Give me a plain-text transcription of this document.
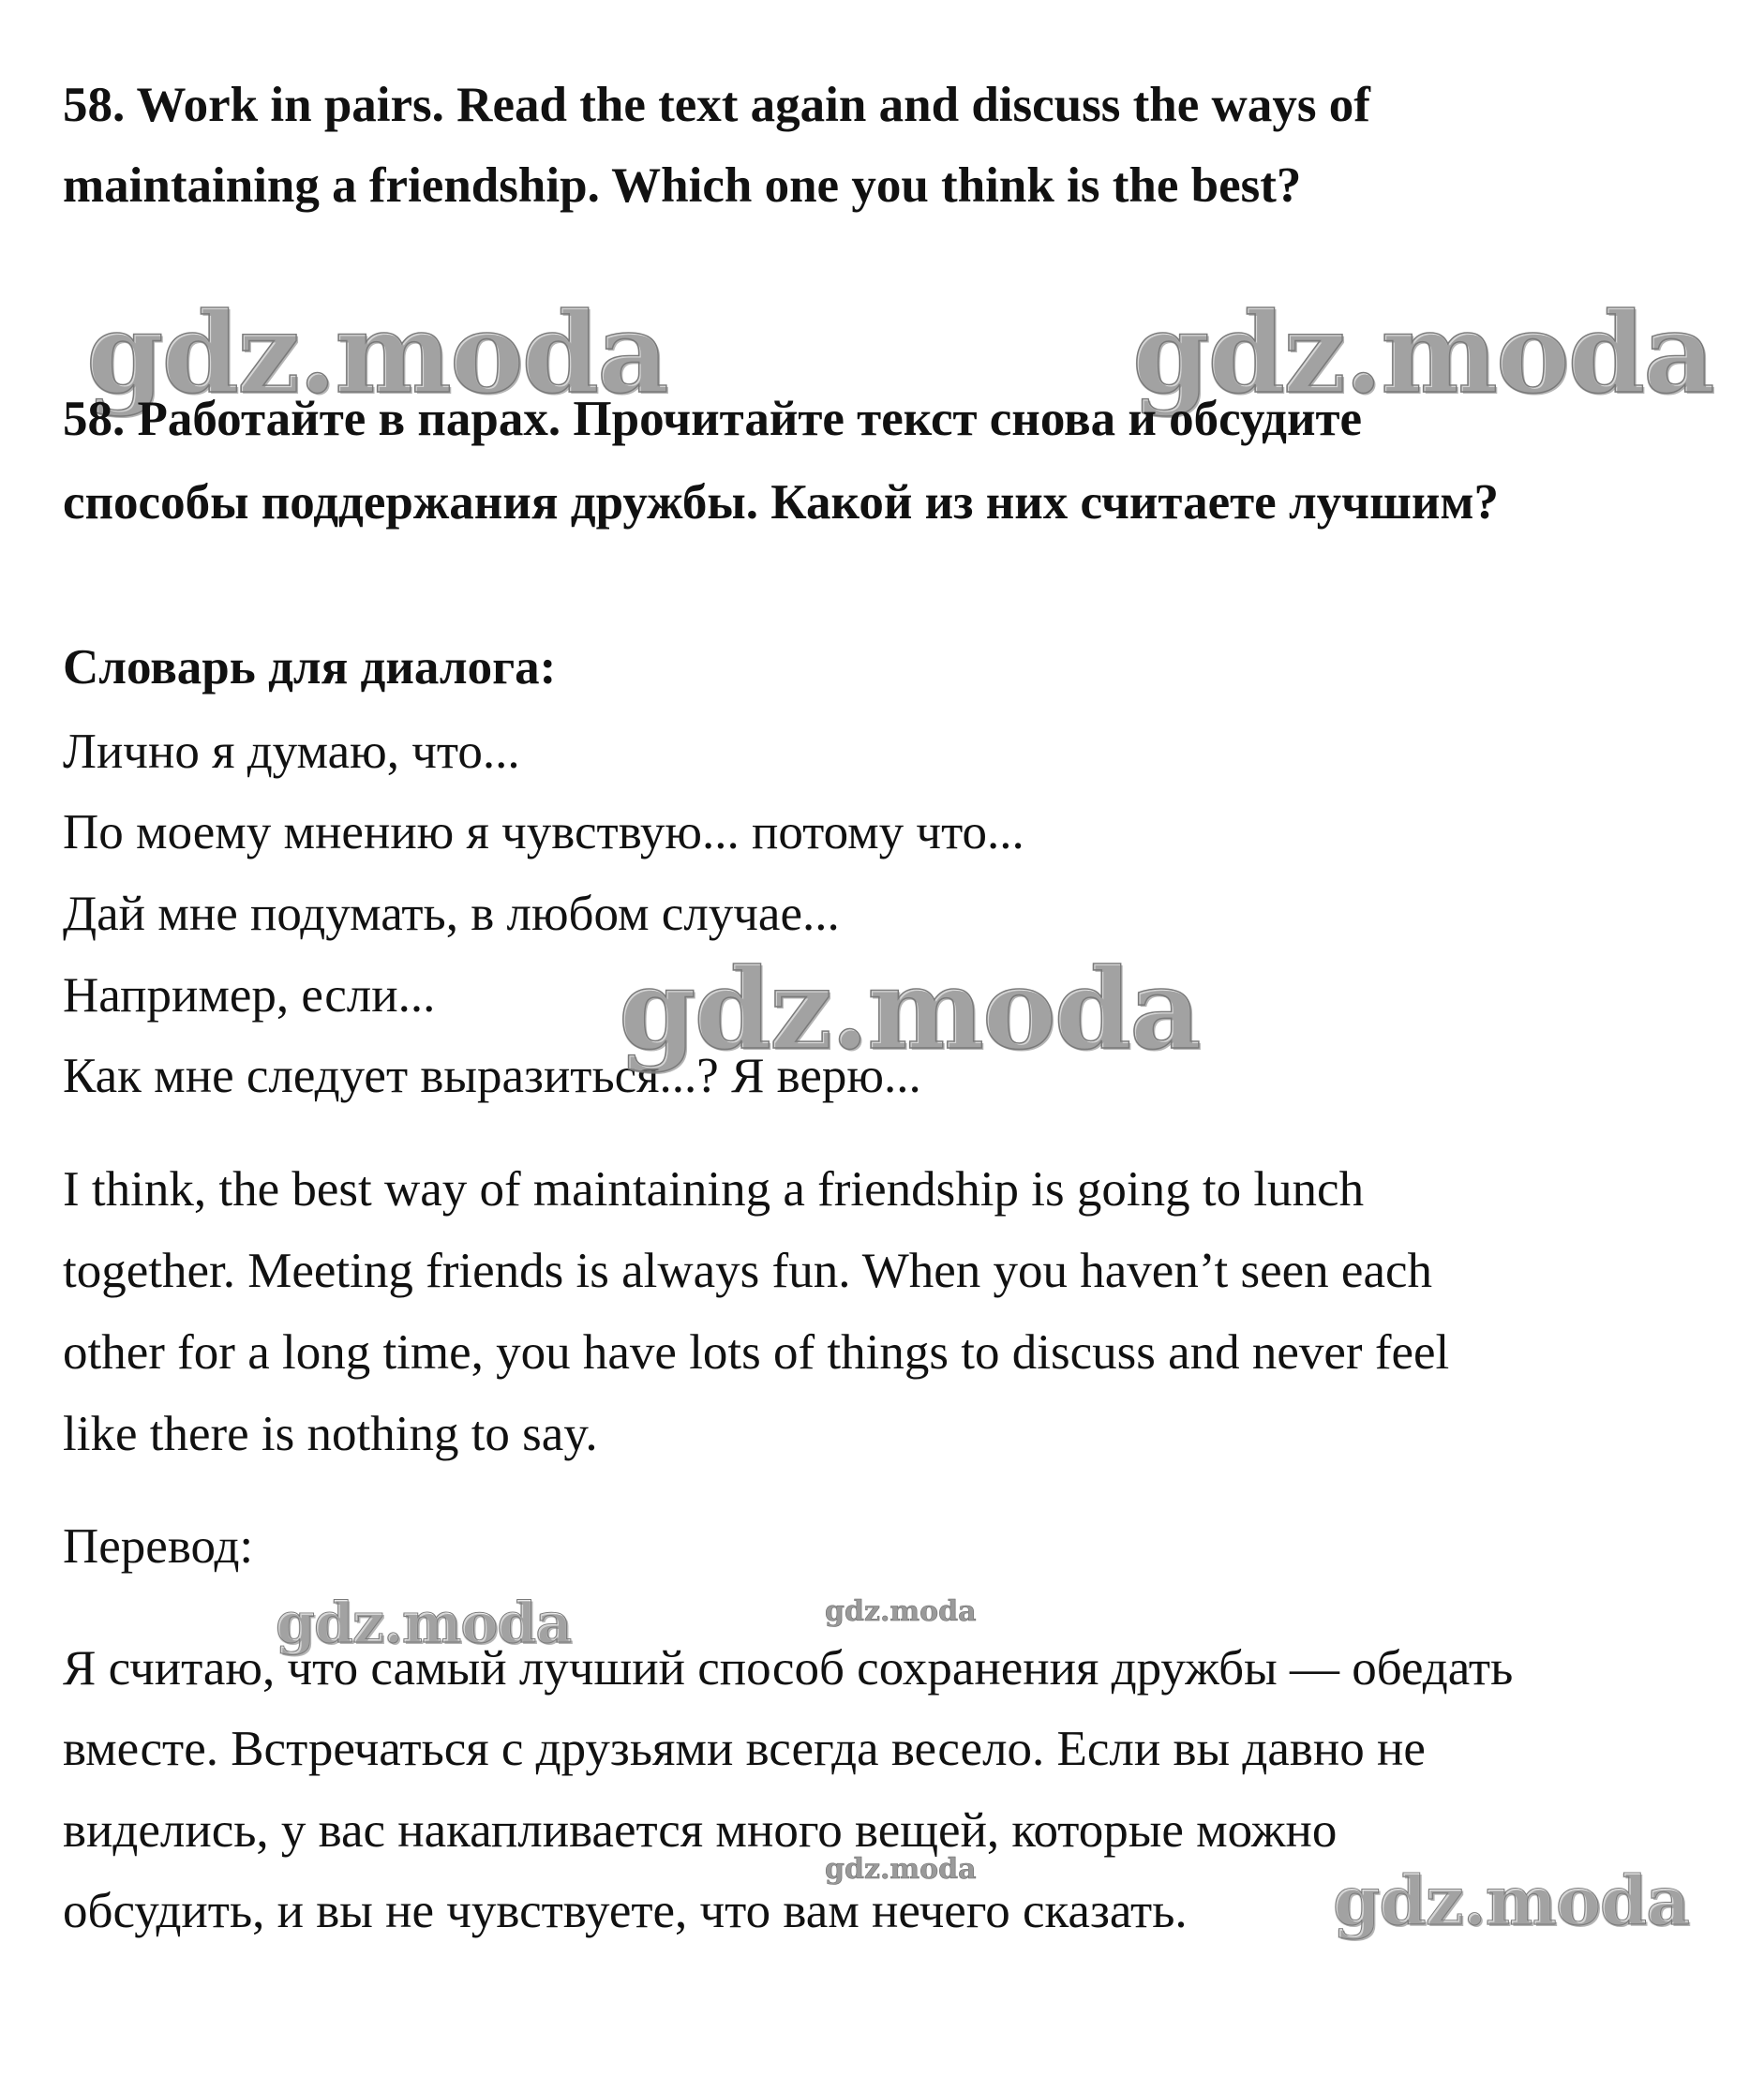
58. Work in pairs. Read the text again and discuss the ways of
maintaining a friendship. Which one you think is the best?
gdz.moda	gdz.moda
58. Работайте в парах. Прочитайте текст снова и обсудите
способы поддержания дружбы. Какой из них считаете лучшим?
Словарь для диалога:
Лично я думаю, что...
По моему мнению я чувствую... потому что...
Дай мне подумать, в любом случае...
Например, если...
Как мне следует выразиться...? Я верю...
gdz.moda
I think, the best way of maintaining a friendship is going to lunch
together. Meeting friends is always fun. When you haven’t seen each
other for a long time, you have lots of things to discuss and never feel
like there is nothing to say.
Перевод:
gdz.moda	gdz.moda
Я считаю, что самый лучший способ сохранения дружбы — обедать
вместе. Встречаться с друзьями всегда весело. Если вы давно не
виделись, у вас накапливается много вещей, которые можно
gdz.moda
обсудить, и вы не чувствуете, что вам нечего сказать. gdz.moda
